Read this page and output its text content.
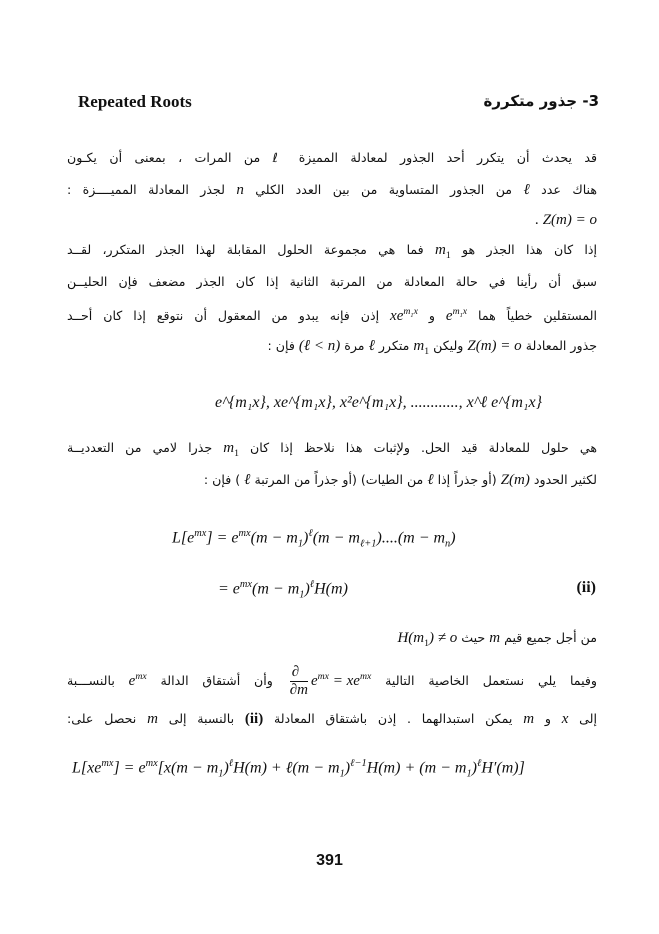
Repeated Roots	3- جذور متكررة
قد يحدث أن يتكرر أحد الجذور لمعادلة المميزة ℓ من المرات ، بمعنى أن يكـون
هناك عدد ℓ من الجذور المتساوية من بين العدد الكلي n لجذر المعادلة المميــــزة :
. Z(m) = o
إذا كان هذا الجذر هو $m_1$ فما هي مجموعة الحلول المقابلة لهذا الجذر المتكرر، لقــد
سبق أن رأينا في حالة المعادلة من المرتبة الثانية إذا كان الجذر مضعف فإن الحليــن
المستقلين خطياً هما $e^{m_1x}$ و $xe^{m_1x}$ إذن فإنه يبدو من المعقول أن نتوقع إذا كان أحــد
جذور المعادلة Z(m) = o وليكن $m_1$ متكرر ℓ مرة (ℓ < n) فإن :
e^{m₁x}, xe^{m₁x}, x²e^{m₁x}, ............, x^ℓ e^{m₁x}
هي حلول للمعادلة قيد الحل. ولإثبات هذا نلاحظ إذا كان $m_1$ جذرا لامي من التعدديــة
لكثير الحدود Z(m) (أو جذراً إذا ℓ من الطيات) (أو جذراً من المرتبة ℓ ) فإن :
$L[e^{mx}] = e^{mx}(m - m_1)^\ell(m - m_{\ell+1})....(m - m_n)$
= $e^{mx}(m - m_1)^\ell H(m)$	(ii)
من أجل جميع قيم m حيث $H(m_1) \ne o$
وفيما يلي نستعمل الخاصية التالية
$\frac{\partial}{\partial m} e^{mx} = xe^{mx}$ وأن أشتقاق الدالة $e^{mx}$ بالنســـبة
إلى x و m يمكن استبدالهما . إذن باشتقاق المعادلة (ii) بالنسبة إلى m نحصل على:
$L[xe^{mx}] = e^{mx}[x(m - m_1)^\ell H(m)$ + ℓ(m − $m_1)^{\ell-1}H(m) + (m - m_1)^\ell H'(m)$]
391
